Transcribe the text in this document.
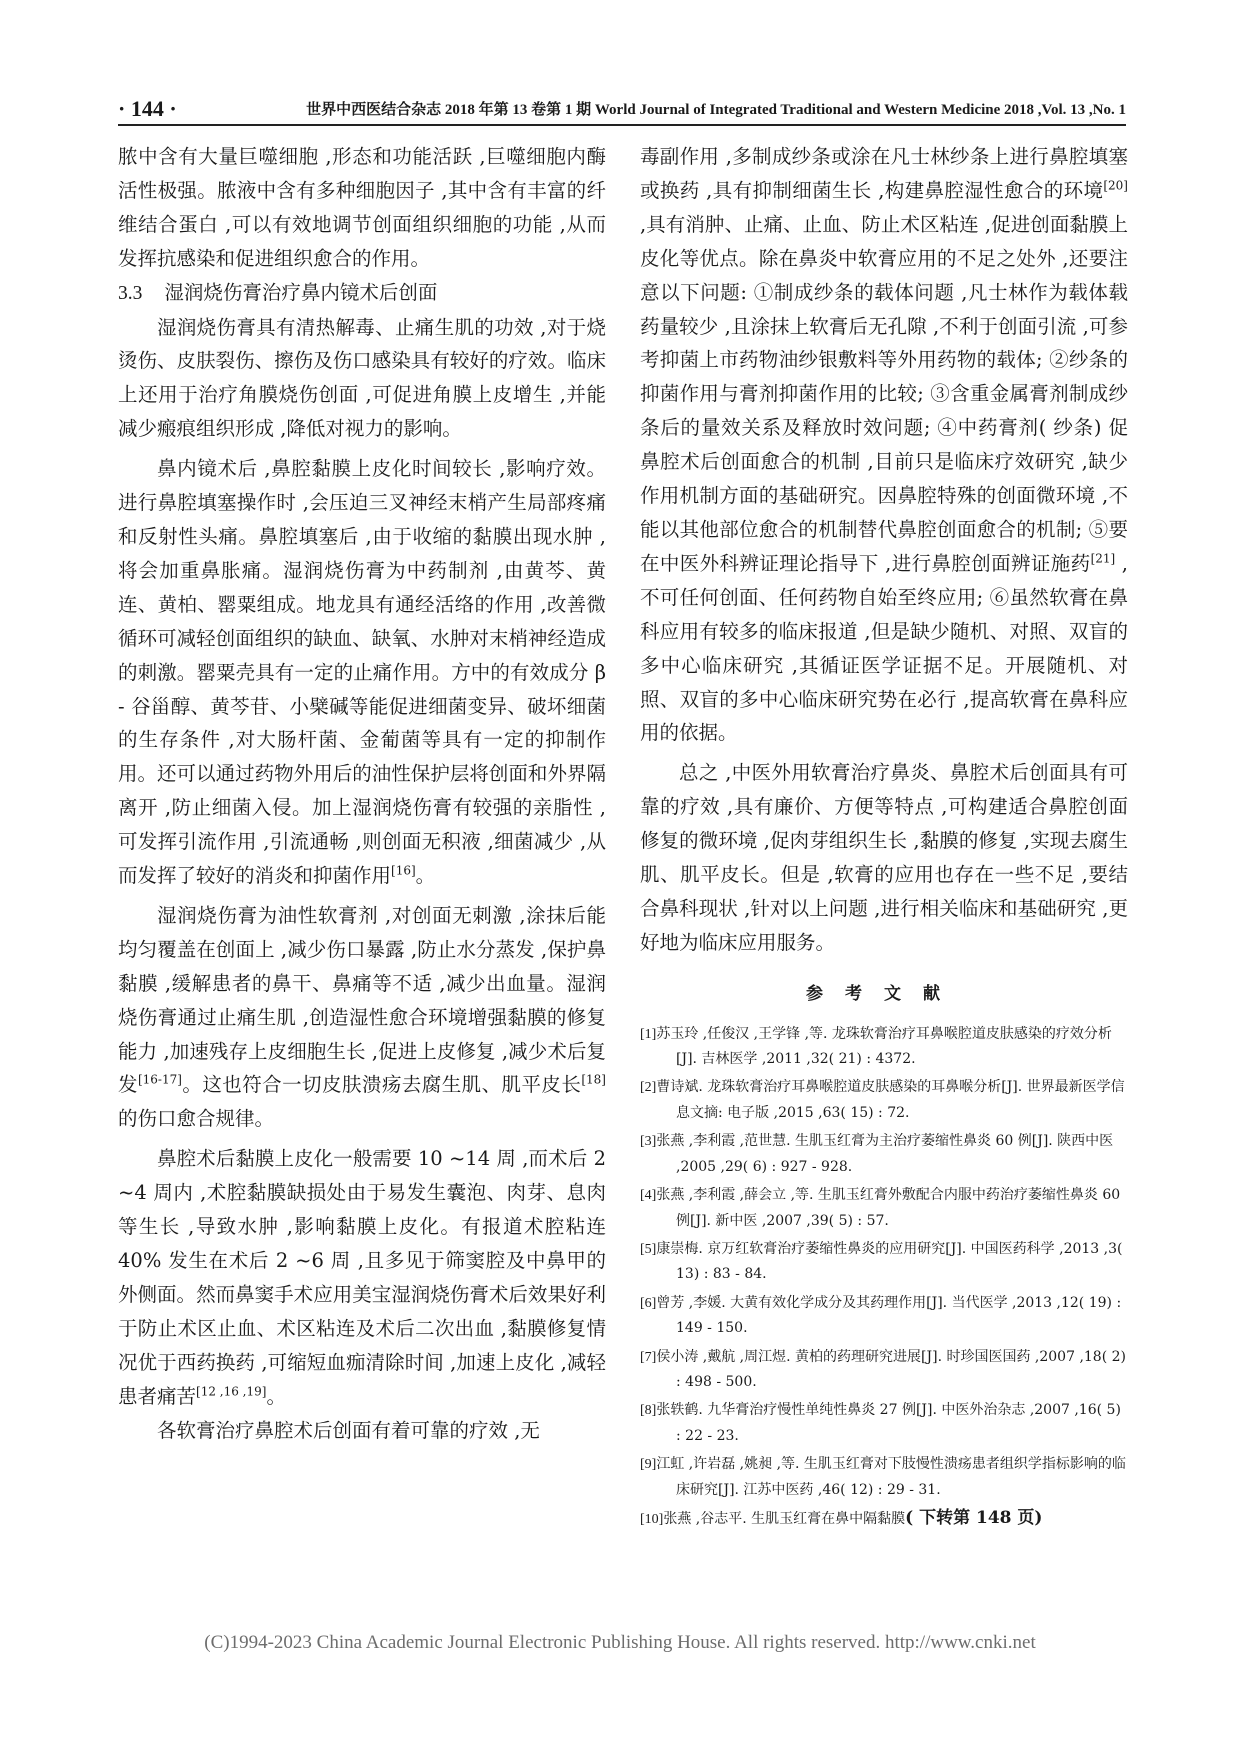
· 144 ·	世界中西医结合杂志 2018 年第 13 卷第 1 期 World Journal of Integrated Traditional and Western Medicine 2018 ,Vol. 13 ,No. 1

脓中含有大量巨噬细胞 ,形态和功能活跃 ,巨噬细胞内酶活性极强。脓液中含有多种细胞因子 ,其中含有丰富的纤维结合蛋白 ,可以有效地调节创面组织细胞的功能 ,从而发挥抗感染和促进组织愈合的作用。

3.3 湿润烧伤膏治疗鼻内镜术后创面

湿润烧伤膏具有清热解毒、止痛生肌的功效 ,对于烧烫伤、皮肤裂伤、擦伤及伤口感染具有较好的疗效。临床上还用于治疗角膜烧伤创面 ,可促进角膜上皮增生 ,并能减少瘢痕组织形成 ,降低对视力的影响。

鼻内镜术后 ,鼻腔黏膜上皮化时间较长 ,影响疗效。进行鼻腔填塞操作时 ,会压迫三叉神经末梢产生局部疼痛和反射性头痛。鼻腔填塞后 ,由于收缩的黏膜出现水肿 ,将会加重鼻胀痛。湿润烧伤膏为中药制剂 ,由黄芩、黄连、黄柏、罂粟组成。地龙具有通经活络的作用 ,改善微循环可减轻创面组织的缺血、缺氧、水肿对末梢神经造成的刺激。罂粟壳具有一定的止痛作用。方中的有效成分 β - 谷甾醇、黄芩苷、小檗碱等能促进细菌变异、破坏细菌的生存条件 ,对大肠杆菌、金葡菌等具有一定的抑制作用。还可以通过药物外用后的油性保护层将创面和外界隔离开 ,防止细菌入侵。加上湿润烧伤膏有较强的亲脂性 ,可发挥引流作用 ,引流通畅 ,则创面无积液 ,细菌减少 ,从而发挥了较好的消炎和抑菌作用[16]。

湿润烧伤膏为油性软膏剂 ,对创面无刺激 ,涂抹后能均匀覆盖在创面上 ,减少伤口暴露 ,防止水分蒸发 ,保护鼻黏膜 ,缓解患者的鼻干、鼻痛等不适 ,减少出血量。湿润烧伤膏通过止痛生肌 ,创造湿性愈合环境增强黏膜的修复能力 ,加速残存上皮细胞生长 ,促进上皮修复 ,减少术后复发[16-17]。这也符合一切皮肤溃疡去腐生肌、肌平皮长[18]的伤口愈合规律。

鼻腔术后黏膜上皮化一般需要 10 ~14 周 ,而术后 2 ~4 周内 ,术腔黏膜缺损处由于易发生囊泡、肉芽、息肉等生长 ,导致水肿 ,影响黏膜上皮化。有报道术腔粘连 40% 发生在术后 2 ~6 周 ,且多见于筛窦腔及中鼻甲的外侧面。然而鼻窦手术应用美宝湿润烧伤膏术后效果好利于防止术区止血、术区粘连及术后二次出血 ,黏膜修复情况优于西药换药 ,可缩短血痂清除时间 ,加速上皮化 ,减轻患者痛苦[12 ,16 ,19]。

各软膏治疗鼻腔术后创面有着可靠的疗效 ,无

毒副作用 ,多制成纱条或涂在凡士林纱条上进行鼻腔填塞或换药 ,具有抑制细菌生长 ,构建鼻腔湿性愈合的环境[20] ,具有消肿、止痛、止血、防止术区粘连 ,促进创面黏膜上皮化等优点。除在鼻炎中软膏应用的不足之处外 ,还要注意以下问题: ①制成纱条的载体问题 ,凡士林作为载体载药量较少 ,且涂抹上软膏后无孔隙 ,不利于创面引流 ,可参考抑菌上市药物油纱银敷料等外用药物的载体; ②纱条的抑菌作用与膏剂抑菌作用的比较; ③含重金属膏剂制成纱条后的量效关系及释放时效问题; ④中药膏剂( 纱条) 促鼻腔术后创面愈合的机制 ,目前只是临床疗效研究 ,缺少作用机制方面的基础研究。因鼻腔特殊的创面微环境 ,不能以其他部位愈合的机制替代鼻腔创面愈合的机制; ⑤要在中医外科辨证理论指导下 ,进行鼻腔创面辨证施药[21] ,不可任何创面、任何药物自始至终应用; ⑥虽然软膏在鼻科应用有较多的临床报道 ,但是缺少随机、对照、双盲的多中心临床研究 ,其循证医学证据不足。开展随机、对照、双盲的多中心临床研究势在必行 ,提高软膏在鼻科应用的依据。

总之 ,中医外用软膏治疗鼻炎、鼻腔术后创面具有可靠的疗效 ,具有廉价、方便等特点 ,可构建适合鼻腔创面修复的微环境 ,促肉芽组织生长 ,黏膜的修复 ,实现去腐生肌、肌平皮长。但是 ,软膏的应用也存在一些不足 ,要结合鼻科现状 ,针对以上问题 ,进行相关临床和基础研究 ,更好地为临床应用服务。

参考文献
[1]苏玉玲 ,任俊汉 ,王学锋 ,等. 龙珠软膏治疗耳鼻喉腔道皮肤感染的疗效分析[J]. 吉林医学 ,2011 ,32( 21) : 4372.
[2]曹诗斌. 龙珠软膏治疗耳鼻喉腔道皮肤感染的耳鼻喉分析[J]. 世界最新医学信息文摘: 电子版 ,2015 ,63( 15) : 72.
[3]张燕 ,李利霞 ,范世慧. 生肌玉红膏为主治疗萎缩性鼻炎 60 例[J]. 陕西中医 ,2005 ,29( 6) : 927 - 928.
[4]张燕 ,李利霞 ,薛会立 ,等. 生肌玉红膏外敷配合内服中药治疗萎缩性鼻炎 60 例[J]. 新中医 ,2007 ,39( 5) : 57.
[5]康崇梅. 京万红软膏治疗萎缩性鼻炎的应用研究[J]. 中国医药科学 ,2013 ,3( 13) : 83 - 84.
[6]曾芳 ,李媛. 大黄有效化学成分及其药理作用[J]. 当代医学 ,2013 ,12( 19) : 149 - 150.
[7]侯小涛 ,戴航 ,周江煜. 黄柏的药理研究进展[J]. 时珍国医国药 ,2007 ,18( 2) : 498 - 500.
[8]张轶鹤. 九华膏治疗慢性单纯性鼻炎 27 例[J]. 中医外治杂志 ,2007 ,16( 5) : 22 - 23.
[9]江虹 ,许岩磊 ,姚昶 ,等. 生肌玉红膏对下肢慢性溃疡患者组织学指标影响的临床研究[J]. 江苏中医药 ,46( 12) : 29 - 31.
[10]张燕 ,谷志平. 生肌玉红膏在鼻中隔黏膜( 下转第 148 页)
(C)1994-2023 China Academic Journal Electronic Publishing House. All rights reserved. http://www.cnki.net
